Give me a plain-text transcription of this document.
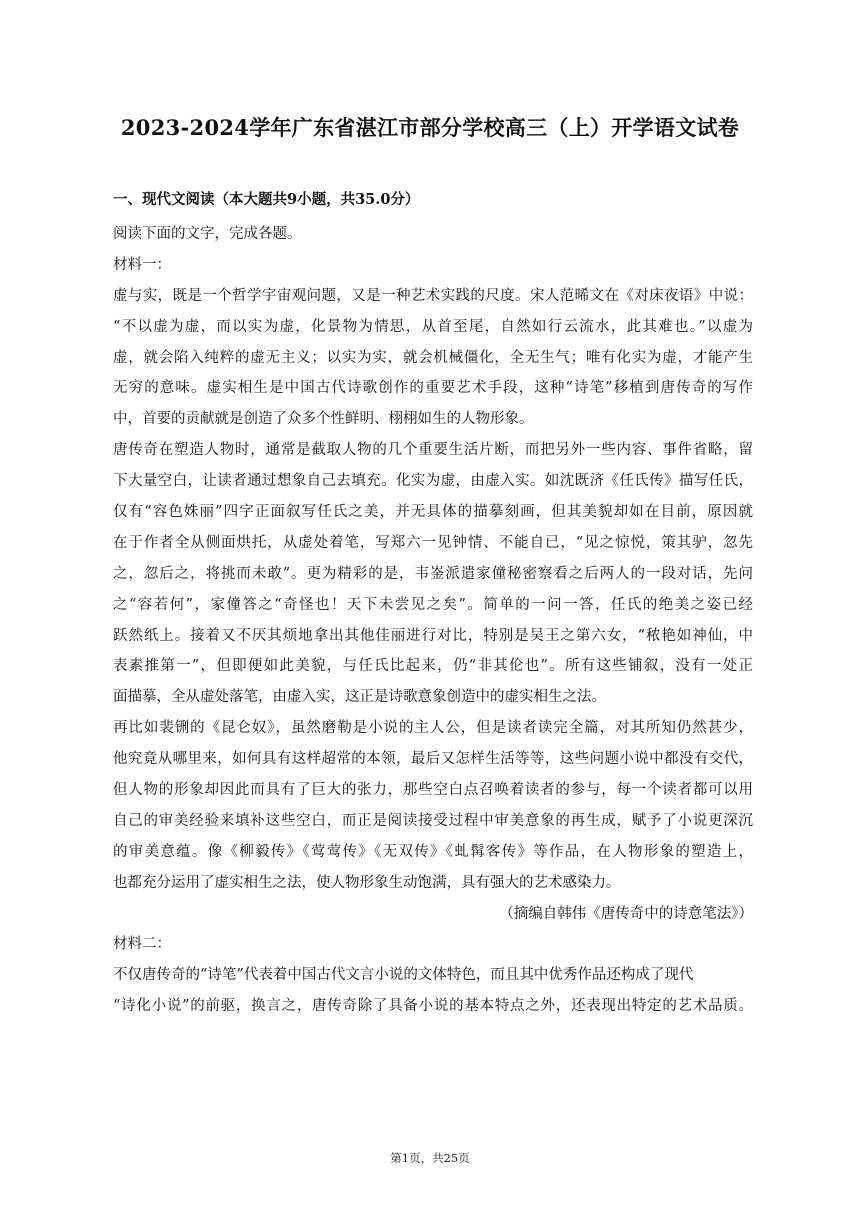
2023-2024学年广东省湛江市部分学校高三（上）开学语文试卷
一、现代文阅读（本大题共9小题，共35.0分）
阅读下面的文字，完成各题。
材料一：
虚与实，既是一个哲学宇宙观问题，又是一种艺术实践的尺度。宋人范晞文在《对床夜语》中说：
“不以虚为虚，而以实为虚，化景物为情思，从首至尾，自然如行云流水，此其难也。”以虚为
虚，就会陷入纯粹的虚无主义；以实为实，就会机械僵化，全无生气；唯有化实为虚，才能产生
无穷的意味。虚实相生是中国古代诗歌创作的重要艺术手段，这种“诗笔”移植到唐传奇的写作
中，首要的贡献就是创造了众多个性鲜明、栩栩如生的人物形象。
唐传奇在塑造人物时，通常是截取人物的几个重要生活片断，而把另外一些内容、事件省略，留
下大量空白，让读者通过想象自己去填充。化实为虚，由虚入实。如沈既济《任氏传》描写任氏，
仅有“容色姝丽”四字正面叙写任氏之美，并无具体的描摹刻画，但其美貌却如在目前，原因就
在于作者全从侧面烘托，从虚处着笔，写郑六一见钟情、不能自已，“见之惊悦，策其驴，忽先
之，忽后之，将挑而未敢”。更为精彩的是，韦崟派遣家僮秘密察看之后两人的一段对话，先问
之“容若何”，家僮答之“奇怪也！天下未尝见之矣”。简单的一问一答，任氏的绝美之姿已经
跃然纸上。接着又不厌其烦地拿出其他佳丽进行对比，特别是吴王之第六女，“秾艳如神仙，中
表素推第一”，但即便如此美貌，与任氏比起来，仍“非其伦也”。所有这些铺叙，没有一处正
面描摹，全从虚处落笔，由虚入实，这正是诗歌意象创造中的虚实相生之法。
再比如裴铏的《昆仑奴》，虽然磨勒是小说的主人公，但是读者读完全篇，对其所知仍然甚少，
他究竟从哪里来，如何具有这样超常的本领，最后又怎样生活等等，这些问题小说中都没有交代，
但人物的形象却因此而具有了巨大的张力，那些空白点召唤着读者的参与，每一个读者都可以用
自己的审美经验来填补这些空白，而正是阅读接受过程中审美意象的再生成，赋予了小说更深沉
的审美意蕴。像《柳毅传》《莺莺传》《无双传》《虬髯客传》等作品，在人物形象的塑造上，
也都充分运用了虚实相生之法，使人物形象生动饱满，具有强大的艺术感染力。
（摘编自韩伟《唐传奇中的诗意笔法》）
材料二：
不仅唐传奇的“诗笔”代表着中国古代文言小说的文体特色，而且其中优秀作品还构成了现代
“诗化小说”的前驱，换言之，唐传奇除了具备小说的基本特点之外，还表现出特定的艺术品质。
第1页，共25页
